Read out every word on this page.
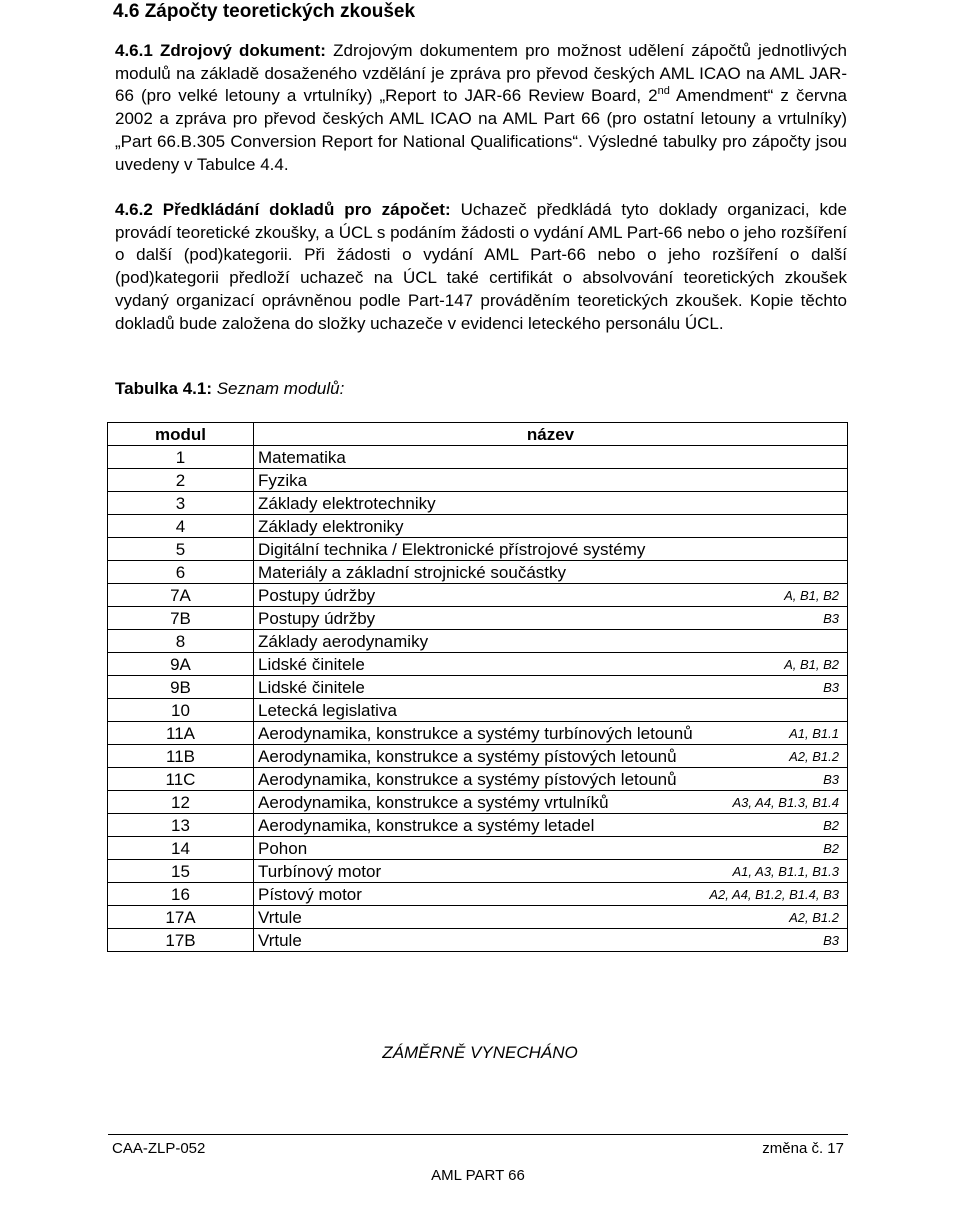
4.6 Zápočty teoretických zkoušek

4.6.1 Zdrojový dokument: Zdrojovým dokumentem pro možnost udělení zápočtů jednotlivých modulů na základě dosaženého vzdělání je zpráva pro převod českých AML ICAO na AML JAR-66 (pro velké letouny a vrtulníky) „Report to JAR-66 Review Board, 2nd Amendment“ z června 2002 a zpráva pro převod českých AML ICAO na AML Part 66 (pro ostatní letouny a vrtulníky) „Part 66.B.305 Conversion Report for National Qualifications“. Výsledné tabulky pro zápočty jsou uvedeny v Tabulce 4.4.

4.6.2 Předkládání dokladů pro zápočet: Uchazeč předkládá tyto doklady organizaci, kde provádí teoretické zkoušky, a ÚCL s podáním žádosti o vydání AML Part-66 nebo o jeho rozšíření o další (pod)kategorii. Při žádosti o vydání AML Part-66 nebo o jeho rozšíření o další (pod)kategorii předloží uchazeč na ÚCL také certifikát o absolvování teoretických zkoušek vydaný organizací oprávněnou podle Part-147 prováděním teoretických zkoušek. Kopie těchto dokladů bude založena do složky uchazeče v evidenci leteckého personálu ÚCL.

Tabulka 4.1: Seznam modulů:

modul	název
1	Matematika
2	Fyzika
3	Základy elektrotechniky
4	Základy elektroniky
5	Digitální technika / Elektronické přístrojové systémy
6	Materiály a základní strojnické součástky
7A	Postupy údržby A, B1, B2

7B	Postupy údržby B3

8	Základy aerodynamiky
9A	Lidské činitele A, B1, B2

9B	Lidské činitele B3

10	Letecká legislativa
11A	Aerodynamika, konstrukce a systémy turbínových letounů A1, B1.1

11B	Aerodynamika, konstrukce a systémy pístových letounů A2, B1.2

11C	Aerodynamika, konstrukce a systémy pístových letounů B3

12	Aerodynamika, konstrukce a systémy vrtulníků A3, A4, B1.3, B1.4

13	Aerodynamika, konstrukce a systémy letadel B2

14	Pohon B2

15	Turbínový motor A1, A3, B1.1, B1.3

16	Pístový motor A2, A4, B1.2, B1.4, B3

17A	Vrtule A2, B1.2

17B	Vrtule B3
ZÁMĚRNĚ VYNECHÁNO
CAA-ZLP-052	změna č. 17
AML PART 66
